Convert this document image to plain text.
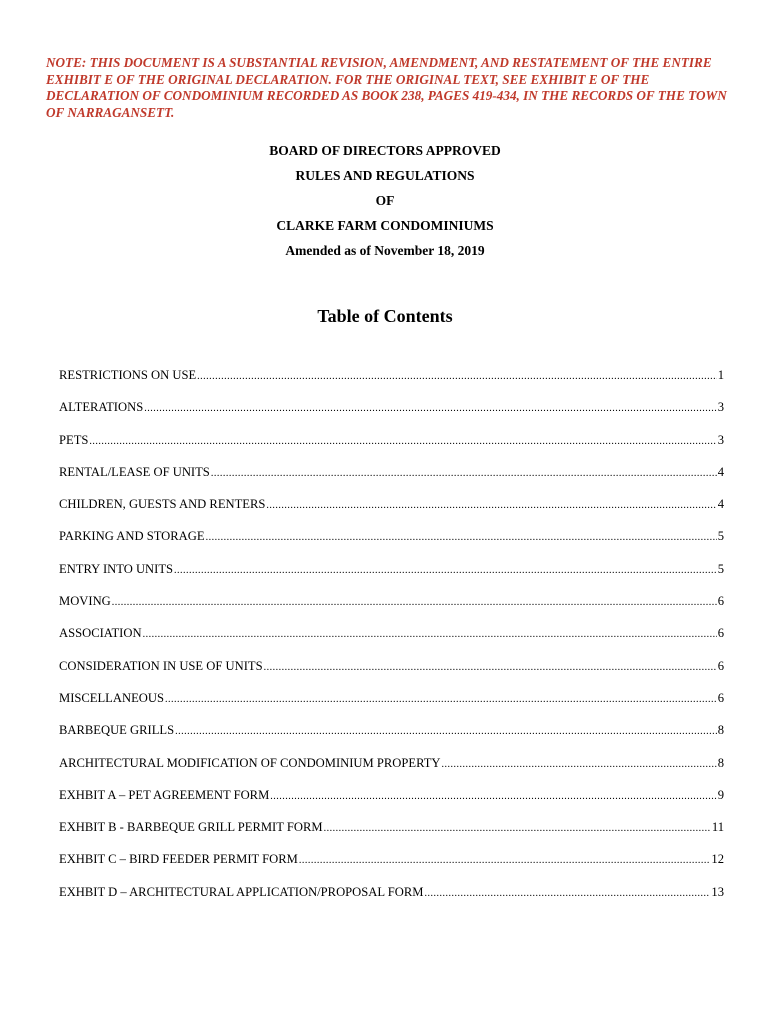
NOTE: THIS DOCUMENT IS A SUBSTANTIAL REVISION, AMENDMENT, AND RESTATEMENT OF THE ENTIRE EXHIBIT E OF THE ORIGINAL DECLARATION. FOR THE ORIGINAL TEXT, SEE EXHIBIT E OF THE DECLARATION OF CONDOMINIUM RECORDED AS BOOK 238, PAGES 419-434, IN THE RECORDS OF THE TOWN OF NARRAGANSETT.
BOARD OF DIRECTORS APPROVED
RULES AND REGULATIONS
OF
CLARKE FARM CONDOMINIUMS
Amended as of November 18, 2019
Table of Contents
RESTRICTIONS ON USE .....	1
ALTERATIONS .....	3
PETS .....	3
RENTAL/LEASE OF UNITS .....	4
CHILDREN, GUESTS AND RENTERS .....	4
PARKING AND STORAGE .....	5
ENTRY INTO UNITS .....	5
MOVING .....	6
ASSOCIATION .....	6
CONSIDERATION IN USE OF UNITS .....	6
MISCELLANEOUS .....	6
BARBEQUE GRILLS .....	8
ARCHITECTURAL MODIFICATION OF CONDOMINIUM PROPERTY .....	8
EXHBIT A – PET AGREEMENT FORM .....	9
EXHBIT B - BARBEQUE GRILL PERMIT FORM .....	11
EXHBIT C – BIRD FEEDER PERMIT FORM .....	12
EXHBIT D – ARCHITECTURAL APPLICATION/PROPOSAL FORM .....	13
